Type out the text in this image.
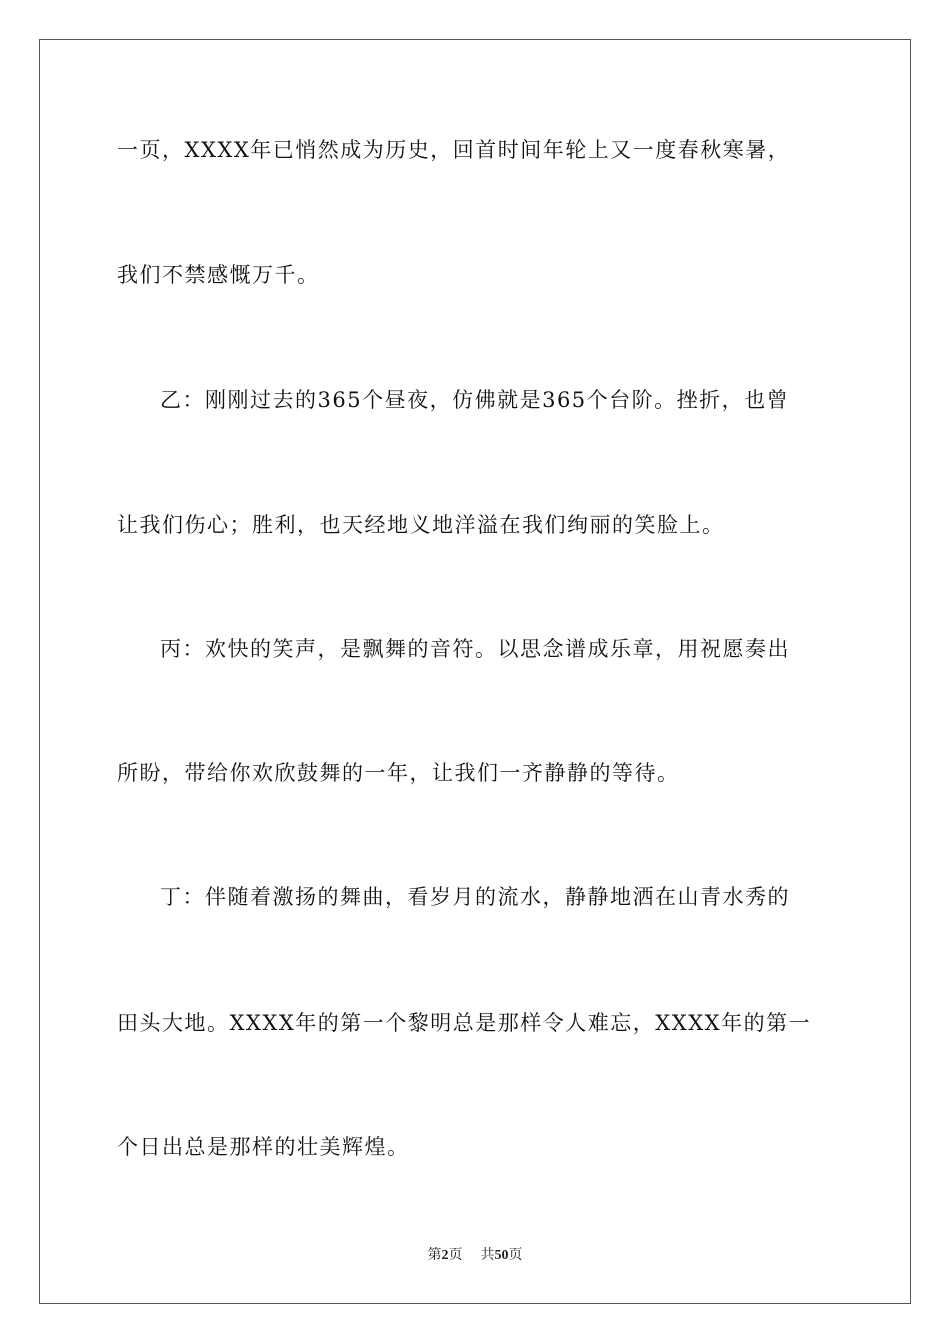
一页，XXXX年已悄然成为历史，回首时间年轮上又一度春秋寒暑，
我们不禁感慨万千。
乙：刚刚过去的365个昼夜，仿佛就是365个台阶。挫折，也曾
让我们伤心；胜利，也天经地义地洋溢在我们绚丽的笑脸上。
丙：欢快的笑声，是飘舞的音符。以思念谱成乐章，用祝愿奏出
所盼，带给你欢欣鼓舞的一年，让我们一齐静静的等待。
丁：伴随着激扬的舞曲，看岁月的流水，静静地洒在山青水秀的
田头大地。XXXX年的第一个黎明总是那样令人难忘，XXXX年的第一
个日出总是那样的壮美辉煌。
第2页 共50页
